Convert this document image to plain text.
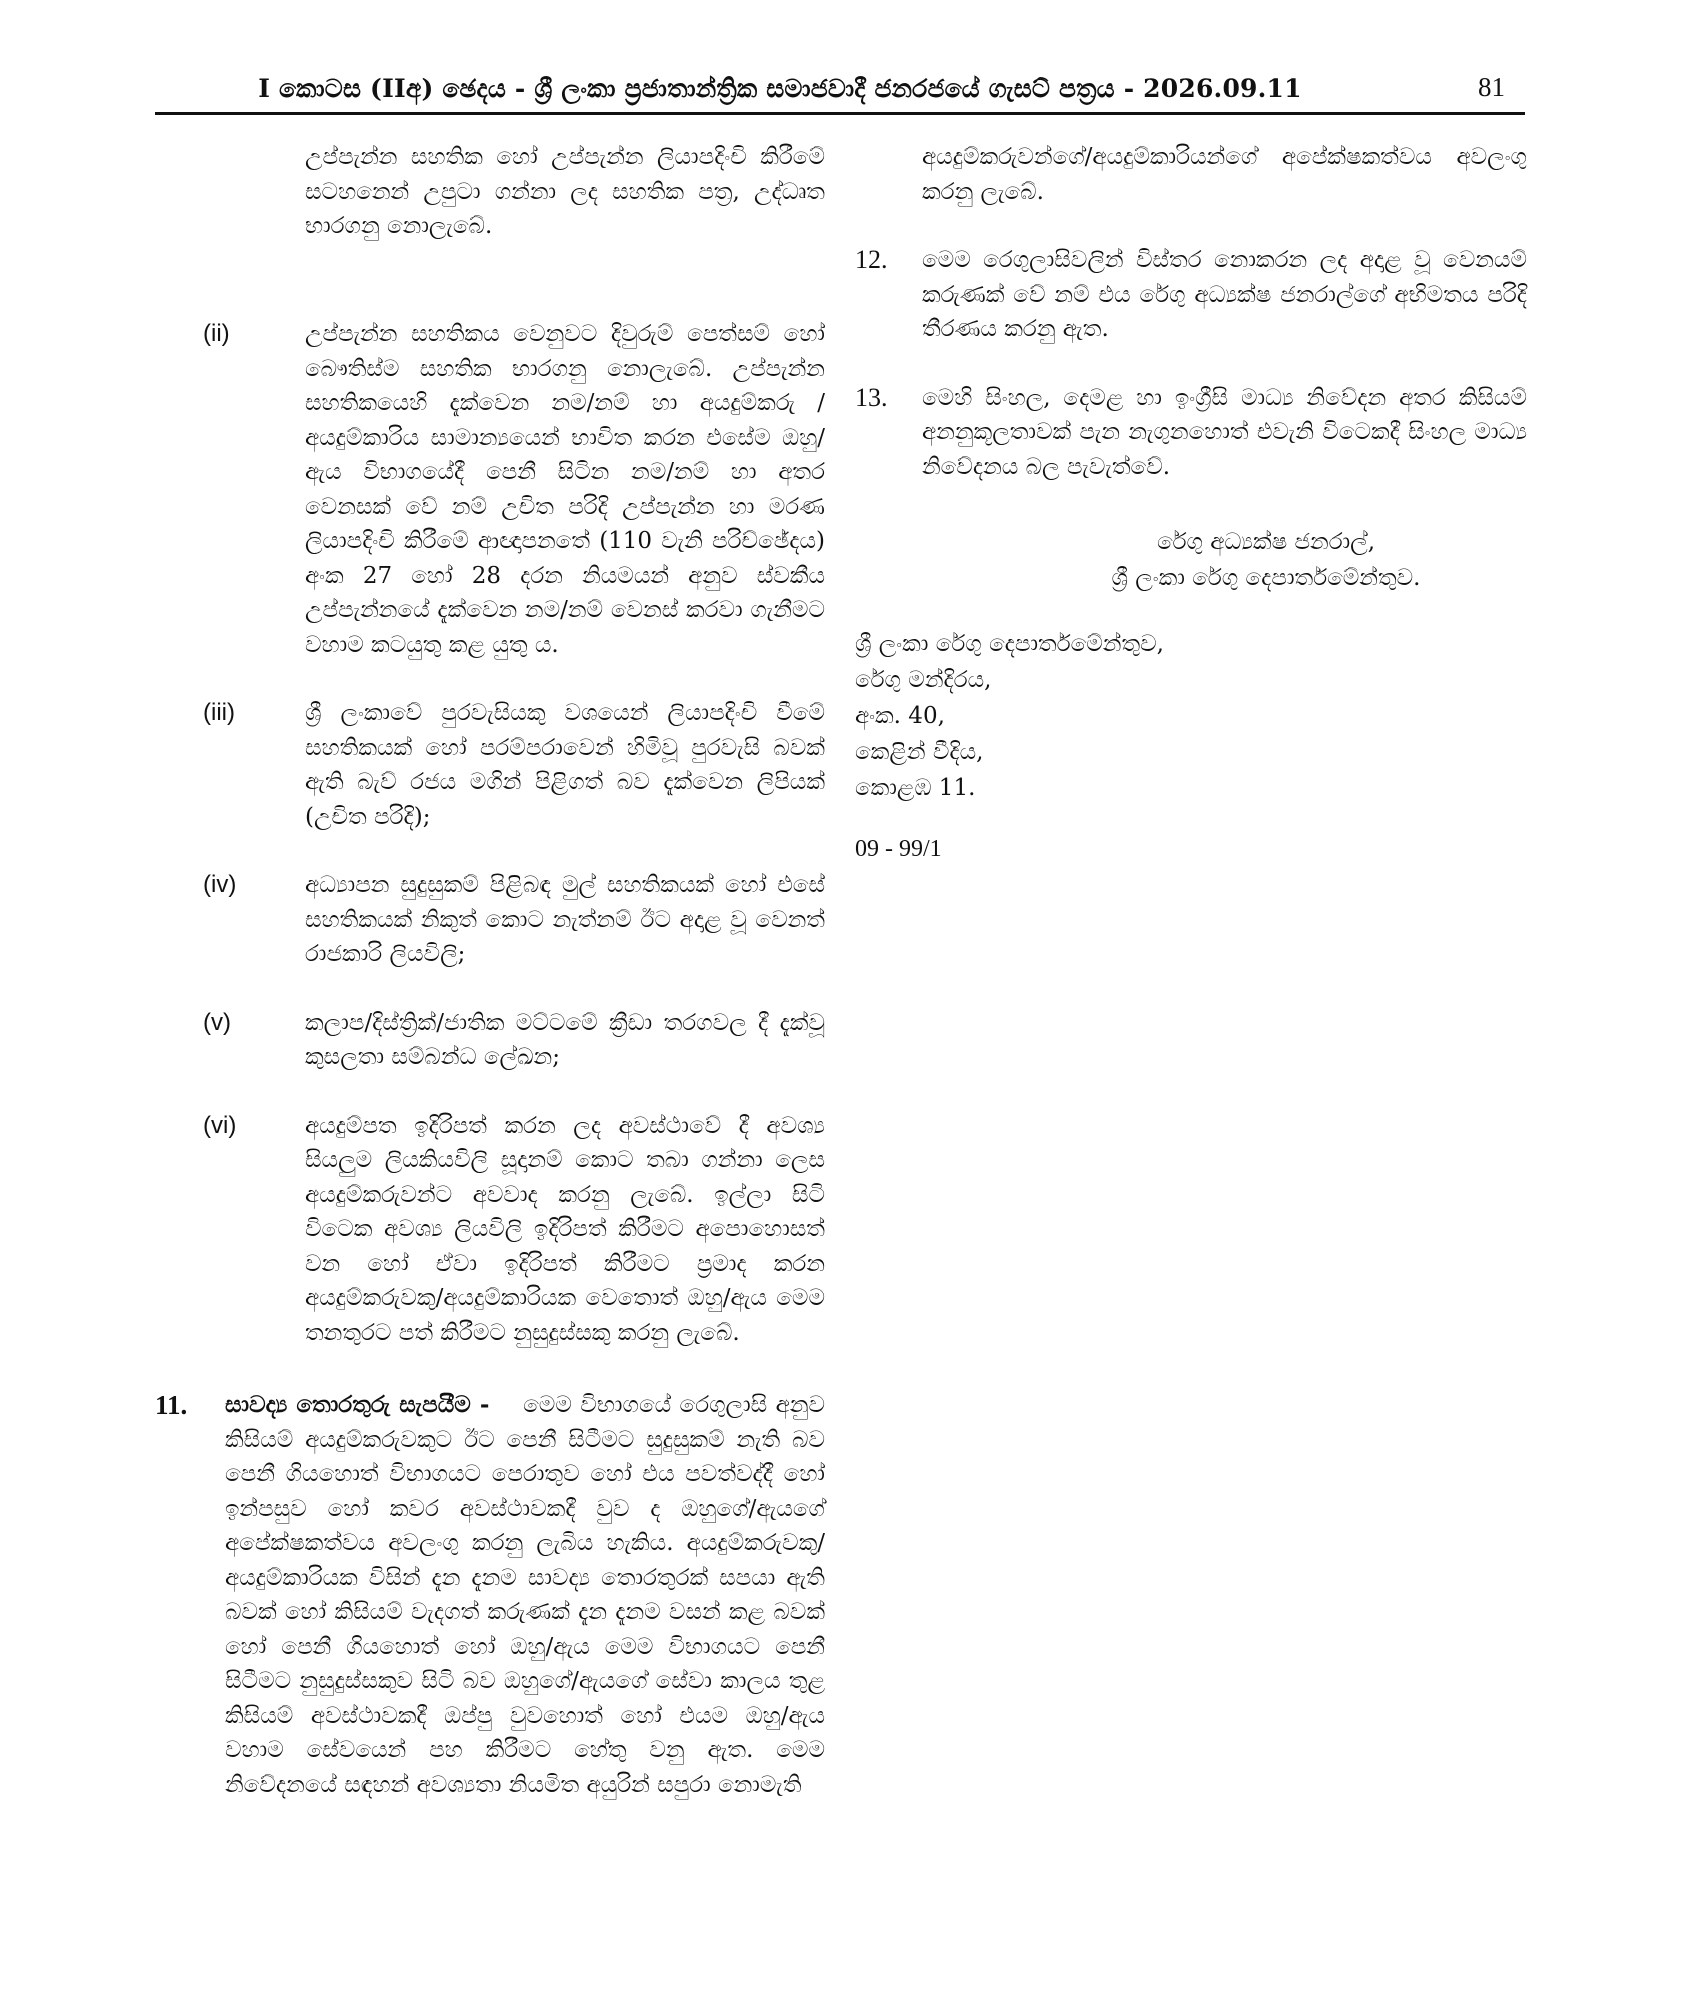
I කොටස (IIඅ) ඡෙදය - ශ්‍රී ලංකා ප්‍රජාතාන්ත්‍රික සමාජවාදී ජනරජයේ ගැසට් පත්‍රය - 2026.09.11	81

උප්පැන්න සහතික හෝ උප්පැන්න ලියාපදිංචි කිරීමේ සටහනෙන් උපුටා ගන්නා ලද සහතික පත්‍ර, උද්ධෘත භාරගනු නොලැබේ.

(ii)	උප්පැන්න සහතිකය වෙනුවට දිවුරුම් පෙත්සම් හෝ බෞතිස්ම සහතික භාරගනු නොලැබේ. උප්පැන්න සහතිකයෙහි දැක්වෙන නම/නම් හා අයදුම්කරු / අයදුම්කාරිය සාමාන්‍යයෙන් භාවිත කරන එසේම ඔහු/ඇය විභාගයේදී පෙනී සිටින නම/නම් හා අතර වෙනසක් වේ නම් උචිත පරිදි උප්පැන්න හා මරණ ලියාපදිංචි කිරීමේ ආඥාපනතේ (110 වැනි පරිච්ඡේදය) අංක 27 හෝ 28 දරන නියමයන් අනුව ස්වකීය උප්පැන්නයේ දැක්වෙන නම/නම් වෙනස් කරවා ගැනීමට වහාම කටයුතු කළ යුතු ය.

(iii)	ශ්‍රී ලංකාවේ පුරවැසියකු වශයෙන් ලියාපදිංචි වීමේ සහතිකයක් හෝ පරම්පරාවෙන් හිමිවූ පුරවැසි බවක් ඇති බැව් රජය මගින් පිළිගත් බව දැක්වෙන ලිපියක් (උචිත පරිදි);

(iv)	අධ්‍යාපන සුදුසුකම් පිළිබඳ මුල් සහතිකයක් හෝ එසේ සහතිකයක් නිකුත් කොට නැත්නම් ඊට අදාළ වූ වෙනත් රාජකාරි ලියවිලි;

(v)	කලාප/දිස්ත්‍රික්/ජාතික මට්ටමේ ක්‍රීඩා තරගවල දී දැක්වූ කුසලතා සම්බන්ධ ලේඛන;

(vi)	අයදුම්පත ඉදිරිපත් කරන ලද අවස්ථාවේ දී අවශ්‍ය සියලුම ලියකියවිලි සූදානම් කොට තබා ගන්නා ලෙස අයදුම්කරුවන්ට අවවාද කරනු ලැබේ. ඉල්ලා සිටි විටෙක අවශ්‍ය ලියවිලි ඉදිරිපත් කිරීමට අපොහොසත් වන හෝ ඒවා ඉදිරිපත් කිරීමට ප්‍රමාද කරන අයදුම්කරුවකු/අයදුම්කාරියක වෙතොත් ඔහු/ඇය මෙම තනතුරට පත් කිරීමට නුසුදුස්සකු කරනු ලැබේ.

11. සාවද්‍ය තොරතුරු සැපයීම - මෙම විභාගයේ රෙගුලාසි අනුව කිසියම් අයදුම්කරුවකුට ඊට පෙනී සිටීමට සුදුසුකම් නැති බව පෙනී ගියහොත් විභාගයට පෙරාතුව හෝ එය පවත්වද්දී හෝ ඉන්පසුව හෝ කවර අවස්ථාවකදී වුව ද ඔහුගේ/ඇයගේ අපේක්ෂකත්වය අවලංගු කරනු ලැබිය හැකිය. අයදුම්කරුවකු/අයදුම්කාරියක විසින් දැන දැනම සාවද්‍ය තොරතුරක් සපයා ඇති බවක් හෝ කිසියම් වැදගත් කරුණක් දැන දැනම වසන් කළ බවක් හෝ පෙනී ගියහොත් හෝ ඔහු/ඇය මෙම විභාගයට පෙනී සිටීමට නුසුදුස්සකුව සිටි බව ඔහුගේ/ඇයගේ සේවා කාලය තුළ කිසියම් අවස්ථාවකදී ඔප්පු වුවහොත් හෝ එයම ඔහු/ඇය වහාම සේවයෙන් පහ කිරීමට හේතු වනු ඇත. මෙම නිවේදනයේ සඳහන් අවශ්‍යතා නියමිත අයුරින් සපුරා නොමැති

අයදුම්කරුවන්ගේ/අයදුම්කාරියන්ගේ අපේක්ෂකත්වය අවලංගු කරනු ලැබේ.

12. මෙම රෙගුලාසිවලින් විස්තර නොකරන ලද අදාළ වූ වෙනයම් කරුණක් වේ නම් එය රේගු අධ්‍යක්ෂ ජනරාල්ගේ අභිමතය පරිදි තීරණය කරනු ඇත.

13. මෙහි සිංහල, දෙමළ හා ඉංග්‍රීසි මාධ්‍ය නිවේදන අතර කිසියම් අනනුකූලතාවක් පැන නැගුනහොත් එවැනි විටෙකදී සිංහල මාධ්‍ය නිවේදනය බල පැවැත්වේ.

රේගු අධ්‍යක්ෂ ජනරාල්,
ශ්‍රී ලංකා රේගු දෙපාර්තමේන්තුව.
ශ්‍රී ලංකා රේගු දෙපාර්තමේන්තුව,
රේගු මන්දිරය,
අංක. 40,
කෙළින් වීදිය,
කොළඹ 11.
09 - 99/1
